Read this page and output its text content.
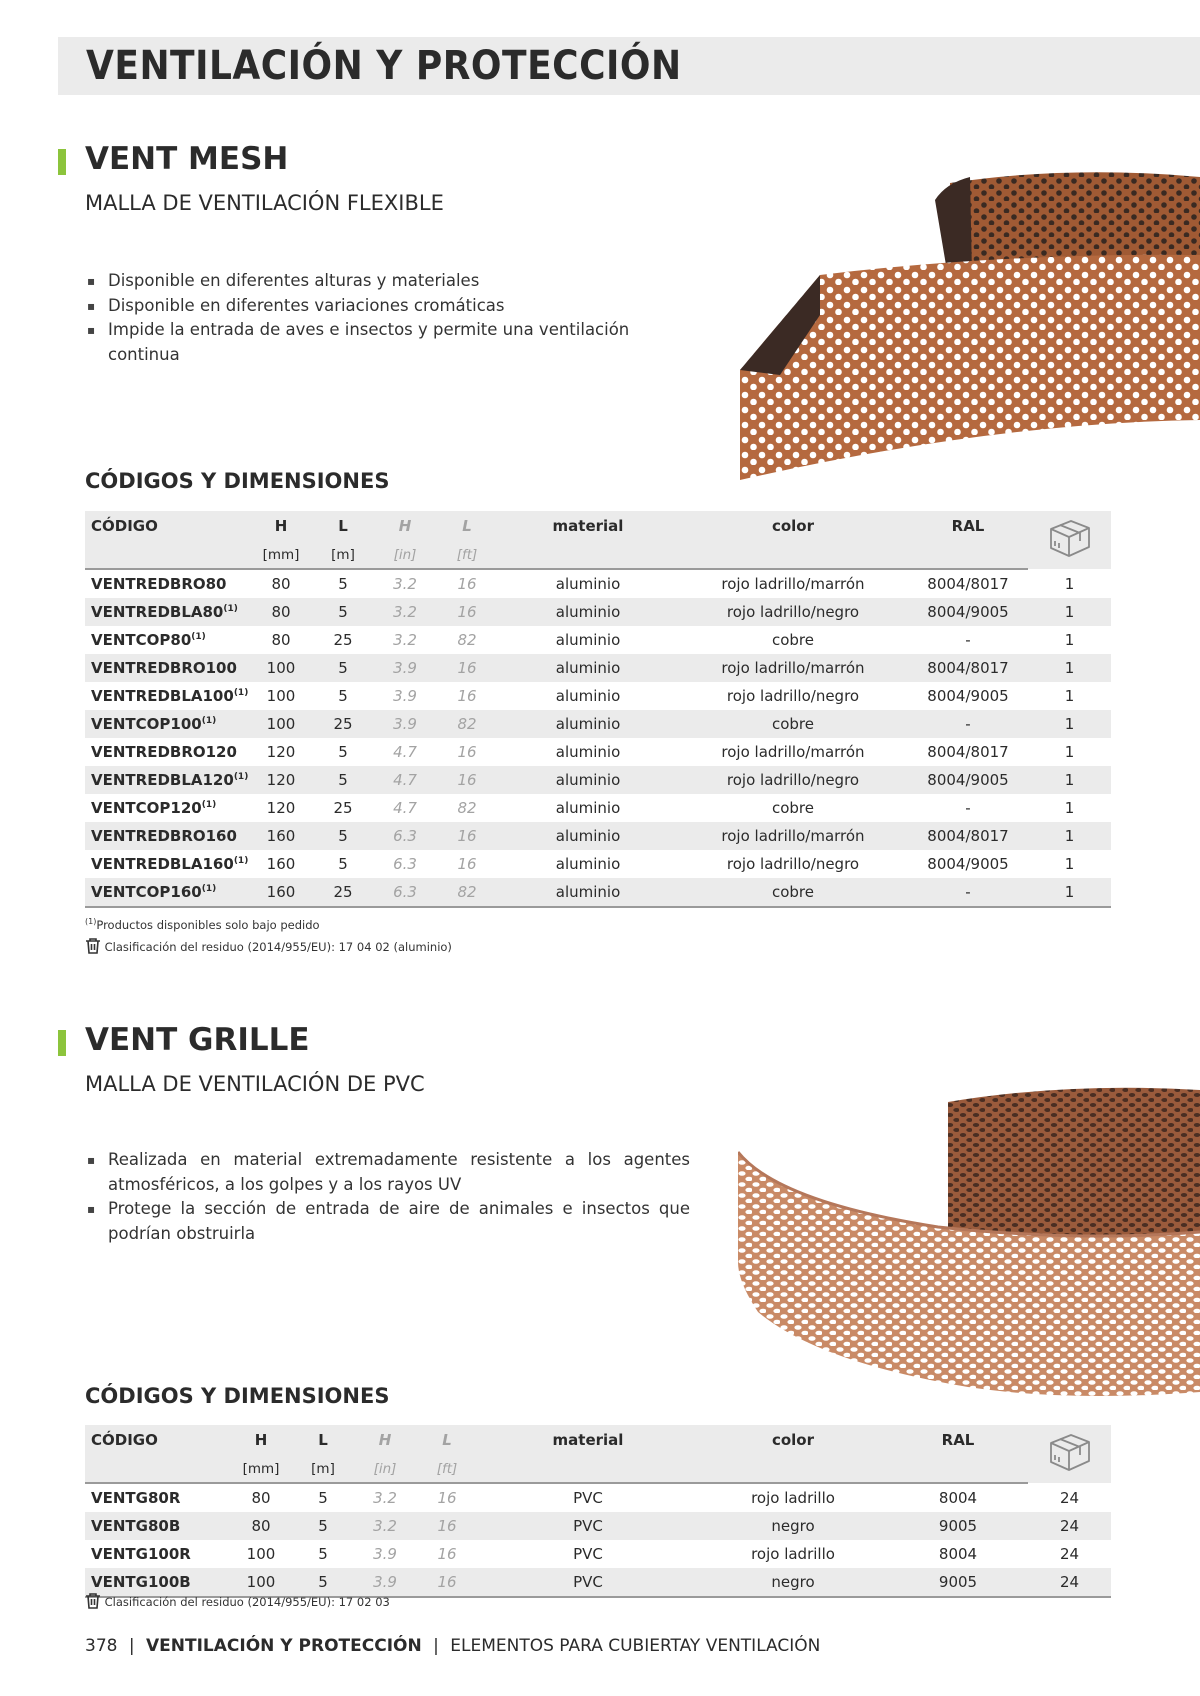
VENTILACIÓN Y PROTECCIÓN
VENT MESH
MALLA DE VENTILACIÓN FLEXIBLE
▪ Disponible en diferentes alturas y materiales
▪ Disponible en diferentes variaciones cromáticas
▪ Impide la entrada de aves e insectos y permite una ventilación continua
CÓDIGOS Y DIMENSIONES
CÓDIGO	H	L	H	L	material	color	RAL	
	[mm]	[m]	[in]	[ft]				
VENTREDBRO80	80	5	3.2	16	aluminio	rojo ladrillo/marrón	8004/8017	1
VENTREDBLA80$^{(1)}$	80	5	3.2	16	aluminio	rojo ladrillo/negro	8004/9005	1
VENTCOP80$^{(1)}$	80	25	3.2	82	aluminio	cobre	-	1
VENTREDBRO100	100	5	3.9	16	aluminio	rojo ladrillo/marrón	8004/8017	1
VENTREDBLA100$^{(1)}$	100	5	3.9	16	aluminio	rojo ladrillo/negro	8004/9005	1
VENTCOP100$^{(1)}$	100	25	3.9	82	aluminio	cobre	-	1
VENTREDBRO120	120	5	4.7	16	aluminio	rojo ladrillo/marrón	8004/8017	1
VENTREDBLA120$^{(1)}$	120	5	4.7	16	aluminio	rojo ladrillo/negro	8004/9005	1
VENTCOP120$^{(1)}$	120	25	4.7	82	aluminio	cobre	-	1
VENTREDBRO160	160	5	6.3	16	aluminio	rojo ladrillo/marrón	8004/8017	1
VENTREDBLA160$^{(1)}$	160	5	6.3	16	aluminio	rojo ladrillo/negro	8004/9005	1
VENTCOP160$^{(1)}$	160	25	6.3	82	aluminio	cobre	-	1
$^{(1)}$Productos disponibles solo bajo pedido
Clasificación del residuo (2014/955/EU): 17 04 02 (aluminio)
VENT GRILLE
MALLA DE VENTILACIÓN DE PVC
▪ Realizada en material extremadamente resistente a los agentes atmosféricos, a los golpes y a los rayos UV
▪ Protege la sección de entrada de aire de animales e insectos que podrían obstruirla
CÓDIGOS Y DIMENSIONES
CÓDIGO	H	L	H	L	material	color	RAL	
	[mm]	[m]	[in]	[ft]				
VENTG80R	80	5	3.2	16	PVC	rojo ladrillo	8004	24
VENTG80B	80	5	3.2	16	PVC	negro	9005	24
VENTG100R	100	5	3.9	16	PVC	rojo ladrillo	8004	24
VENTG100B	100	5	3.9	16	PVC	negro	9005	24
Clasificación del residuo (2014/955/EU): 17 02 03
378 | VENTILACIÓN Y PROTECCIÓN | ELEMENTOS PARA CUBIERTAY VENTILACIÓN
